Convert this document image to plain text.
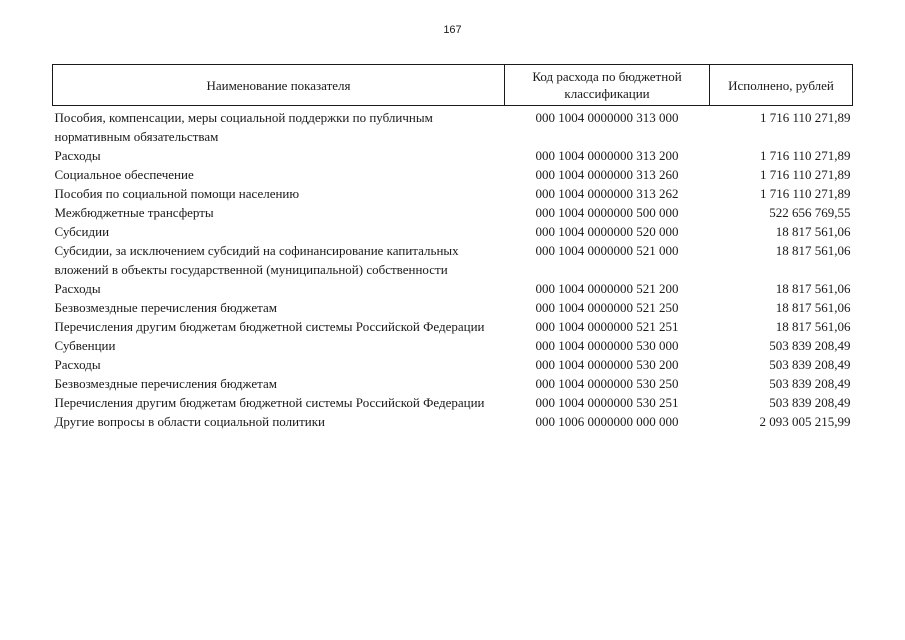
167
Наименование показателя	Код расхода по бюджетной классификации	Исполнено, рублей
Пособия, компенсации, меры социальной поддержки по публичным нормативным обязательствам	000 1004 0000000 313 000	1 716 110 271,89
Расходы	000 1004 0000000 313 200	1 716 110 271,89
Социальное обеспечение	000 1004 0000000 313 260	1 716 110 271,89
Пособия по социальной помощи населению	000 1004 0000000 313 262	1 716 110 271,89
Межбюджетные трансферты	000 1004 0000000 500 000	522 656 769,55
Субсидии	000 1004 0000000 520 000	18 817 561,06
Субсидии, за исключением субсидий на софинансирование капитальных вложений в объекты государственной (муниципальной) собственности	000 1004 0000000 521 000	18 817 561,06
Расходы	000 1004 0000000 521 200	18 817 561,06
Безвозмездные перечисления бюджетам	000 1004 0000000 521 250	18 817 561,06
Перечисления другим бюджетам бюджетной системы Российской Федерации	000 1004 0000000 521 251	18 817 561,06
Субвенции	000 1004 0000000 530 000	503 839 208,49
Расходы	000 1004 0000000 530 200	503 839 208,49
Безвозмездные перечисления бюджетам	000 1004 0000000 530 250	503 839 208,49
Перечисления другим бюджетам бюджетной системы Российской Федерации	000 1004 0000000 530 251	503 839 208,49
Другие вопросы в области социальной политики	000 1006 0000000 000 000	2 093 005 215,99
